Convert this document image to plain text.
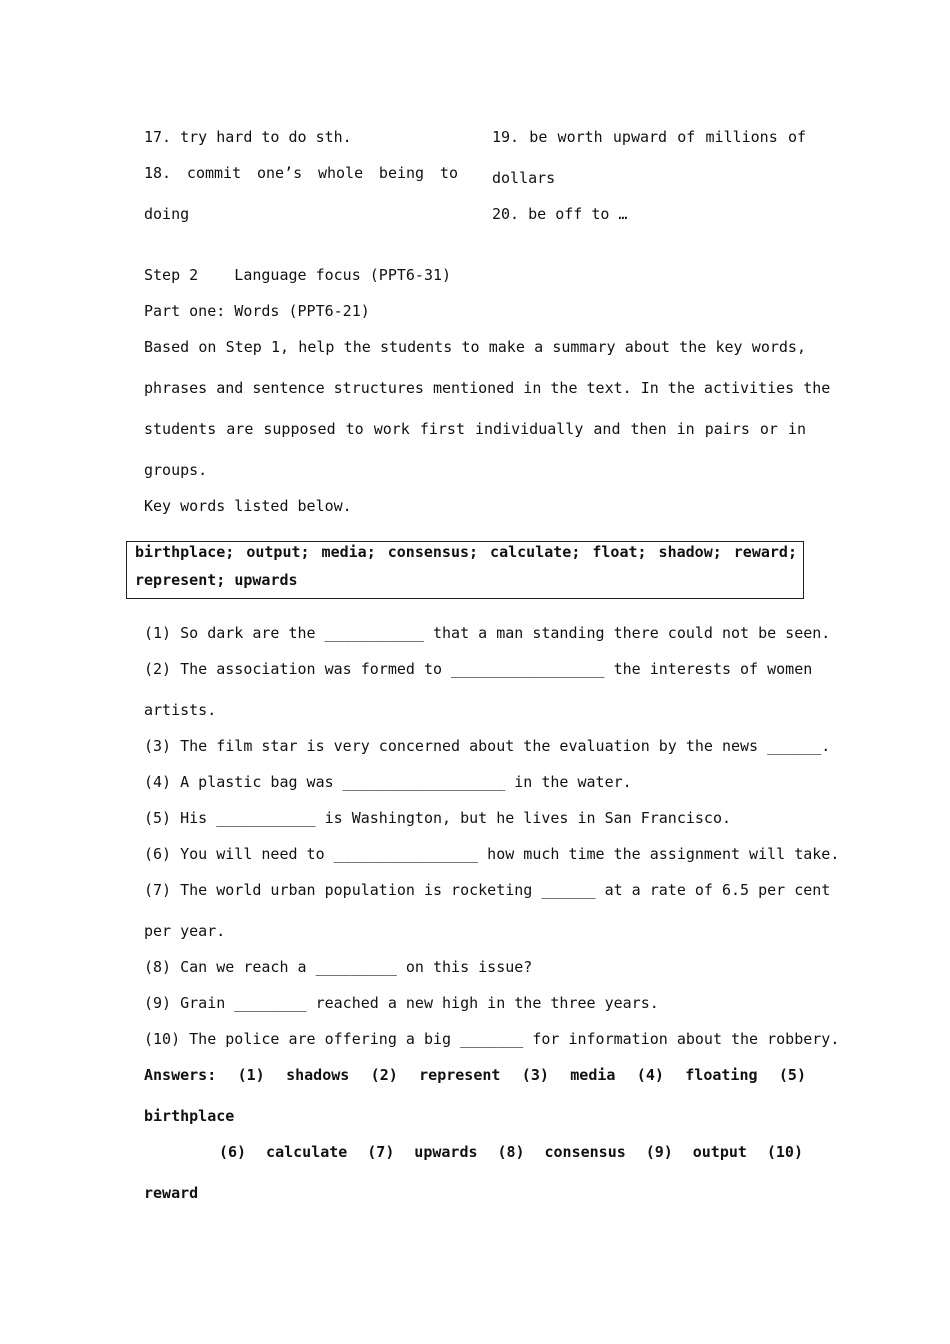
17. try hard to do sth.
18. commit one’s whole being to
doing
19. be worth upward of millions of
dollars
20. be off to …
Step 2    Language focus (PPT6-31)
Part one: Words (PPT6-21)
Based on Step 1, help the students to make a summary about the key words,
phrases and sentence structures mentioned in the text. In the activities the
students are supposed to work first individually and then in pairs or in
groups.
Key words listed below.
birthplace; output; media; consensus; calculate; float; shadow; reward;
represent; upwards
(1) So dark are the ___________ that a man standing there could not be seen.
(2) The association was formed to _________________ the interests of women
artists.
(3) The film star is very concerned about the evaluation by the news ______.
(4) A plastic bag was __________________ in the water.
(5) His ___________ is Washington, but he lives in San Francisco.
(6) You will need to ________________ how much time the assignment will take.
(7) The world urban population is rocketing ______ at a rate of 6.5 per cent
per year.
(8) Can we reach a _________ on this issue?
(9) Grain ________ reached a new high in the three years.
(10) The police are offering a big _______ for information about the robbery.
Answers: (1) shadows (2) represent (3) media (4) floating (5)
birthplace
(6) calculate (7) upwards (8) consensus (9) output (10)
reward
